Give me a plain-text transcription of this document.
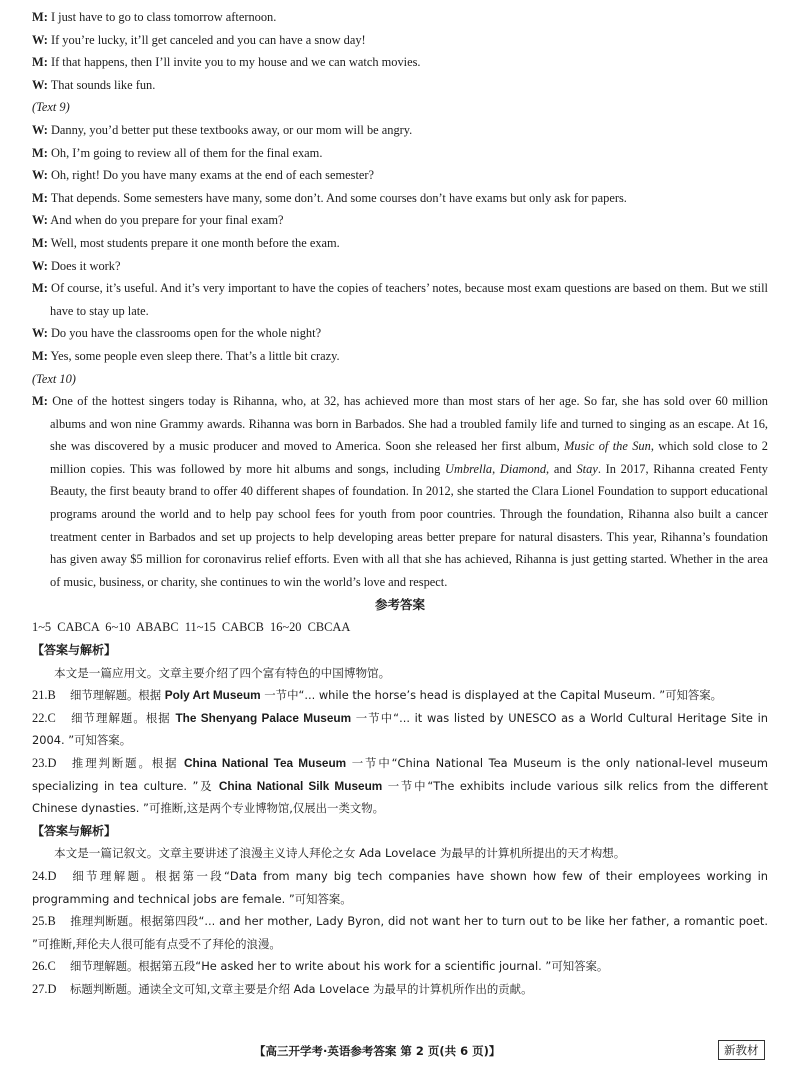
M: I just have to go to class tomorrow afternoon.
W: If you’re lucky, it’ll get canceled and you can have a snow day!
M: If that happens, then I’ll invite you to my house and we can watch movies.
W: That sounds like fun.
(Text 9)
W: Danny, you’d better put these textbooks away, or our mom will be angry.
M: Oh, I’m going to review all of them for the final exam.
W: Oh, right! Do you have many exams at the end of each semester?
M: That depends. Some semesters have many, some don’t. And some courses don’t have exams but only ask for papers.
W: And when do you prepare for your final exam?
M: Well, most students prepare it one month before the exam.
W: Does it work?
M: Of course, it’s useful. And it’s very important to have the copies of teachers’ notes, because most exam questions are based on them. But we still have to stay up late.
W: Do you have the classrooms open for the whole night?
M: Yes, some people even sleep there. That’s a little bit crazy.
(Text 10)
M: One of the hottest singers today is Rihanna, who, at 32, has achieved more than most stars of her age. So far, she has sold over 60 million albums and won nine Grammy awards. Rihanna was born in Barbados. She had a troubled family life and turned to singing as an escape. At 16, she was discovered by a music producer and moved to America. Soon she released her first album, Music of the Sun, which sold close to 2 million copies. This was followed by more hit albums and songs, including Umbrella, Diamond, and Stay. In 2017, Rihanna created Fenty Beauty, the first beauty brand to offer 40 different shapes of foundation. In 2012, she started the Clara Lionel Foundation to support educational programs around the world and to help pay school fees for youth from poor countries. Through the foundation, Rihanna also built a cancer treatment center in Barbados and set up projects to help developing areas better prepare for natural disasters. This year, Rihanna’s foundation has given away $5 million for coronavirus relief efforts. Even with all that she has achieved, Rihanna is just getting started. Whether in the area of music, business, or charity, she continues to win the world’s love and respect.
参考答案
1~5 CABCA 6~10 ABABC 11~15 CABCB 16~20 CBCAA
【答案与解析】
本文是一篇应用文。文章主要介绍了四个富有特色的中国博物馆。
21.B 细节理解题。根据 Poly Art Museum 一节中“... while the horse’s head is displayed at the Capital Museum. ”可知答案。
22.C 细节理解题。根据 The Shenyang Palace Museum 一节中“... it was listed by UNESCO as a World Cultural Heritage Site in 2004. ”可知答案。
23.D 推理判断题。根据 China National Tea Museum 一节中“China National Tea Museum is the only national-level museum specializing in tea culture. ”及 China National Silk Museum 一节中“The exhibits include various silk relics from the different Chinese dynasties. ”可推断,这是两个专业博物馆,仅展出一类文物。
【答案与解析】
本文是一篇记叙文。文章主要讲述了浪漫主义诗人拜伦之女 Ada Lovelace 为最早的计算机所提出的天才构想。
24.D 细节理解题。根据第一段“Data from many big tech companies have shown how few of their employees working in programming and technical jobs are female. ”可知答案。
25.B 推理判断题。根据第四段“... and her mother, Lady Byron, did not want her to turn out to be like her father, a romantic poet. ”可推断,拜伦夫人很可能有点受不了拜伦的浪漫。
26.C 细节理解题。根据第五段“He asked her to write about his work for a scientific journal. ”可知答案。
27.D 标题判断题。通读全文可知,文章主要是介绍 Ada Lovelace 为最早的计算机所作出的贡献。
【高三开学考·英语参考答案 第 2 页(共 6 页)】	新教材
